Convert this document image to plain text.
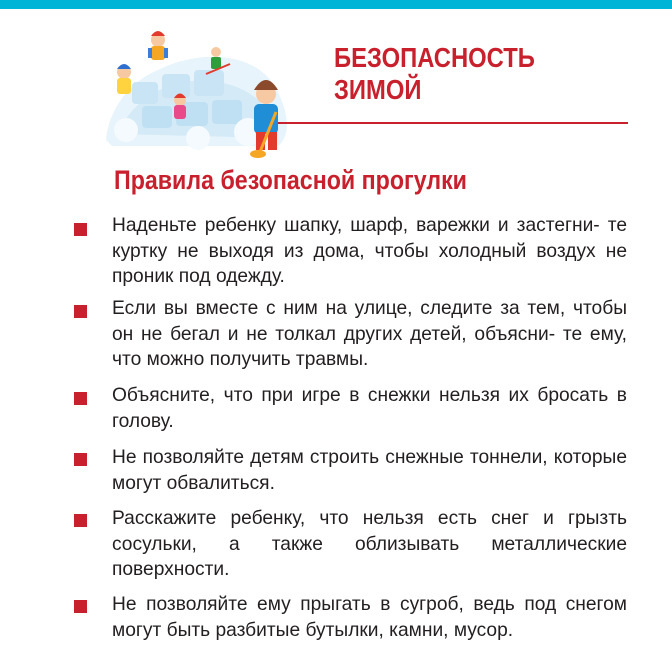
БЕЗОПАСНОСТЬ
ЗИМОЙ
Правила безопасной прогулки

Наденьте ребенку шапку, шарф, варежки и застегни- те куртку не выходя из дома, чтобы холодный воздух не проник под одежду.

Если вы вместе с ним на улице, следите за тем, чтобы он не бегал и не толкал других детей, объясни- те ему, что можно получить травмы.

Объясните, что при игре в снежки нельзя их бросать в голову.

Не позволяйте детям строить снежные тоннели, которые могут обвалиться.

Расскажите ребенку, что нельзя есть снег и грызть сосульки, а также облизывать металлические поверхности.

Не позволяйте ему прыгать в сугроб, ведь под снегом могут быть разбитые бутылки, камни, мусор.
